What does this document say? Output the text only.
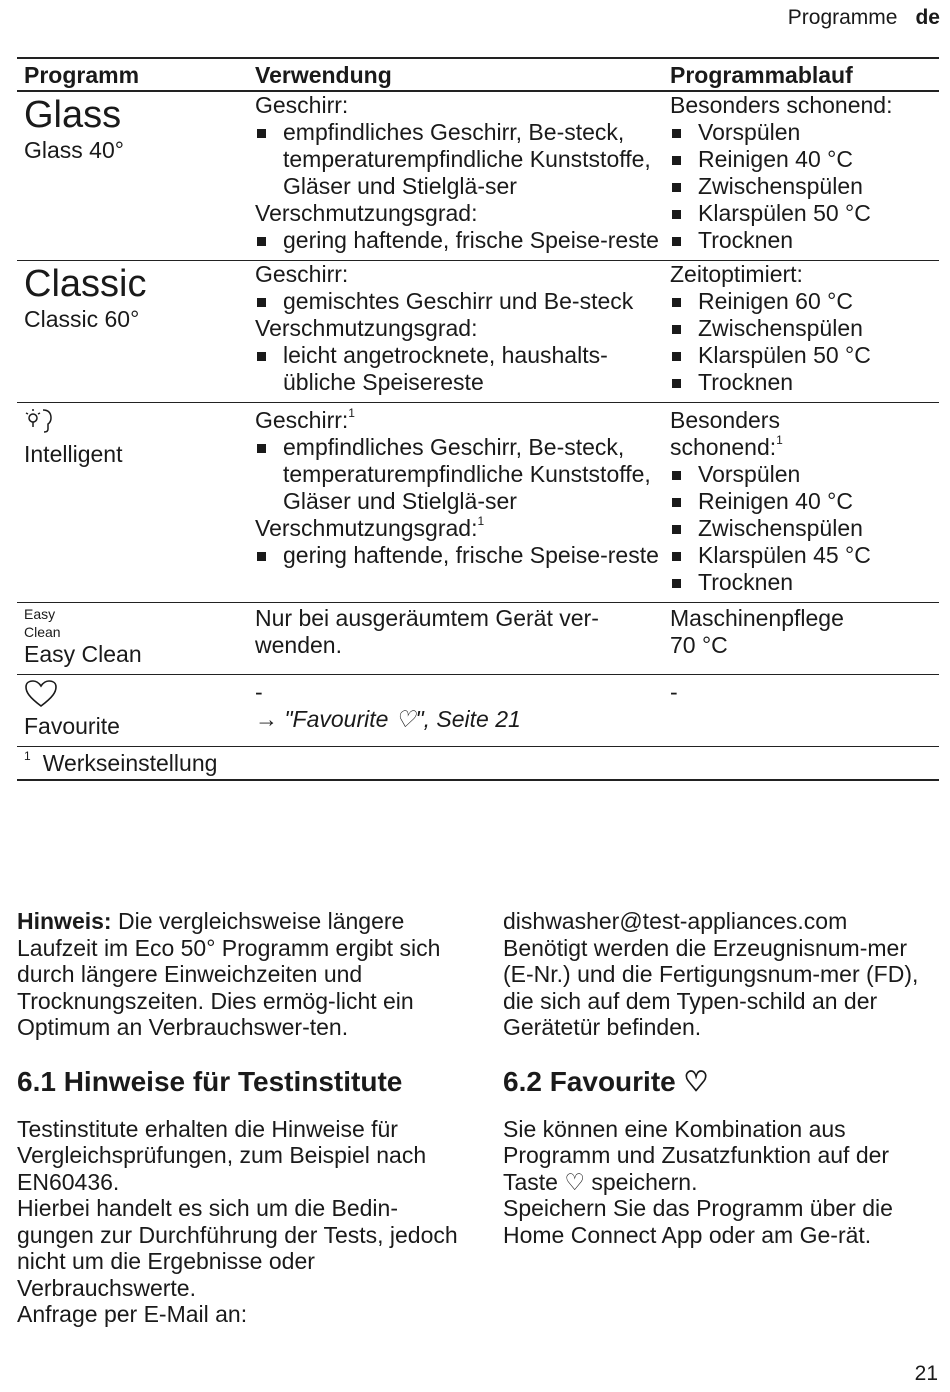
Programme de
Programm	Verwendung	Programmablauf
Glass
Glass 40°
Geschirr:
empfindliches Geschirr, Be-steck, temperaturempfindliche Kunststoffe, Gläser und Stielglä-ser
Verschmutzungsgrad:
gering haftende, frische Speise-reste
Besonders schonend:
Vorspülen
Reinigen 40 °C
Zwischenspülen
Klarspülen 50 °C
Trocknen
Classic
Classic 60°
Geschirr:
gemischtes Geschirr und Be-steck
Verschmutzungsgrad:
leicht angetrocknete, haushalts-übliche Speisereste
Zeitoptimiert:
Reinigen 60 °C
Zwischenspülen
Klarspülen 50 °C
Trocknen
Intelligent
Geschirr:$^1$
empfindliches Geschirr, Be-steck, temperaturempfindliche Kunststoffe, Gläser und Stielglä-ser
Verschmutzungsgrad:$^1$
gering haftende, frische Speise-reste
Besonders schonend:$^1$
Vorspülen
Reinigen 40 °C
Zwischenspülen
Klarspülen 45 °C
Trocknen
Easy
Clean
Easy Clean
Nur bei ausgeräumtem Gerät ver-wenden.
Maschinenpflege 70 °C
Favourite
-
→ "Favourite ♡", Seite 21
-
1 Werkseinstellung

Hinweis: Die vergleichsweise längere Laufzeit im Eco 50° Programm ergibt sich durch längere Einweichzeiten und Trocknungszeiten. Dies ermög-licht ein Optimum an Verbrauchswer-ten.

6.1 Hinweise für Testinstitute

Testinstitute erhalten die Hinweise für Vergleichsprüfungen, zum Beispiel nach EN60436.

Hierbei handelt es sich um die Bedin-gungen zur Durchführung der Tests, jedoch nicht um die Ergebnisse oder Verbrauchswerte.

Anfrage per E-Mail an:

dishwasher@test-appliances.com

Benötigt werden die Erzeugnisnum-mer (E-Nr.) und die Fertigungsnum-mer (FD), die sich auf dem Typen-schild an der Gerätetür befinden.

6.2 Favourite ♡

Sie können eine Kombination aus Programm und Zusatzfunktion auf der Taste ♡ speichern.

Speichern Sie das Programm über die Home Connect App oder am Ge-rät.

21
